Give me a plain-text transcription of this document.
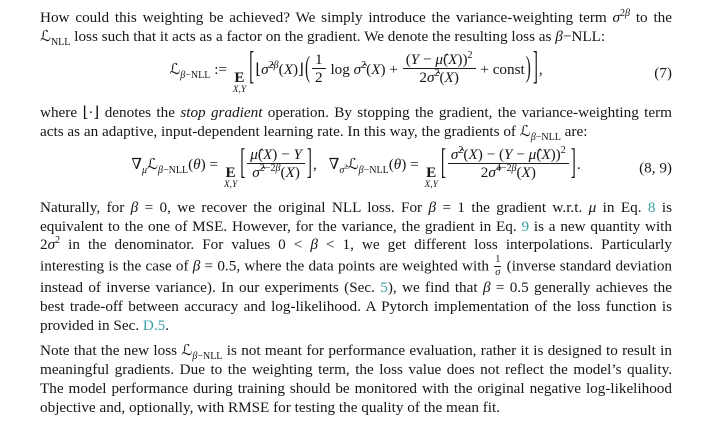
How could this weighting be achieved? We simply introduce the variance-weighting term $\sigma^{2\beta}$ to the ℒ$_{NLL}$ loss such that it acts as a factor on the gradient. We denote the resulting loss as β−NLL:

ℒ$_{\beta-NLL}$ := E
X,Y
[⌊σ̂$^{2\beta}$(X)⌋( $\frac{1}{2}$ log σ̂$^2$(X) + $\frac{(Y - \mû(X))^2}{2\sigmâ^2(X)}$ + const) ],	(7)

where ⌊·⌋ denotes the stop gradient operation. By stopping the gradient, the variance-weighting term acts as an adaptive, input-dependent learning rate. In this way, the gradients of ℒ$_{\beta-NLL}$ are:

$\nabla_{\mû}ℒ_{\beta-NLL}(\theta) = E$
X,Y
[ $\frac{\mû(X) - Y}{\sigmâ^{2-2\beta}(X)}$ ], $\nabla_{\sigmâ^2}ℒ_{\beta-NLL}(\theta) = E$
X,Y
[ $\frac{\sigmâ^2(X) - (Y - \mû(X))^2}{2\sigmâ^{4-2\beta}(X)}$ ].	(8, 9)

Naturally, for β = 0, we recover the original NLL loss. For β = 1 the gradient w.r.t. μ in Eq. 8 is equivalent to the one of MSE. However, for the variance, the gradient in Eq. 9 is a new quantity with $2\sigma^2$ in the denominator. For values 0 < β < 1, we get different loss interpolations. Particularly interesting is the case of β = 0.5, where the data points are weighted with $\frac{1}{\sigma}$ (inverse standard deviation instead of inverse variance). In our experiments (Sec. 5), we find that β = 0.5 generally achieves the best trade-off between accuracy and log-likelihood. A Pytorch implementation of the loss function is provided in Sec. D.5.

Note that the new loss ℒ$_{\beta-NLL}$ is not meant for performance evaluation, rather it is designed to result in meaningful gradients. Due to the weighting term, the loss value does not reflect the model’s quality. The model performance during training should be monitored with the original negative log-likelihood objective and, optionally, with RMSE for testing the quality of the mean fit.
